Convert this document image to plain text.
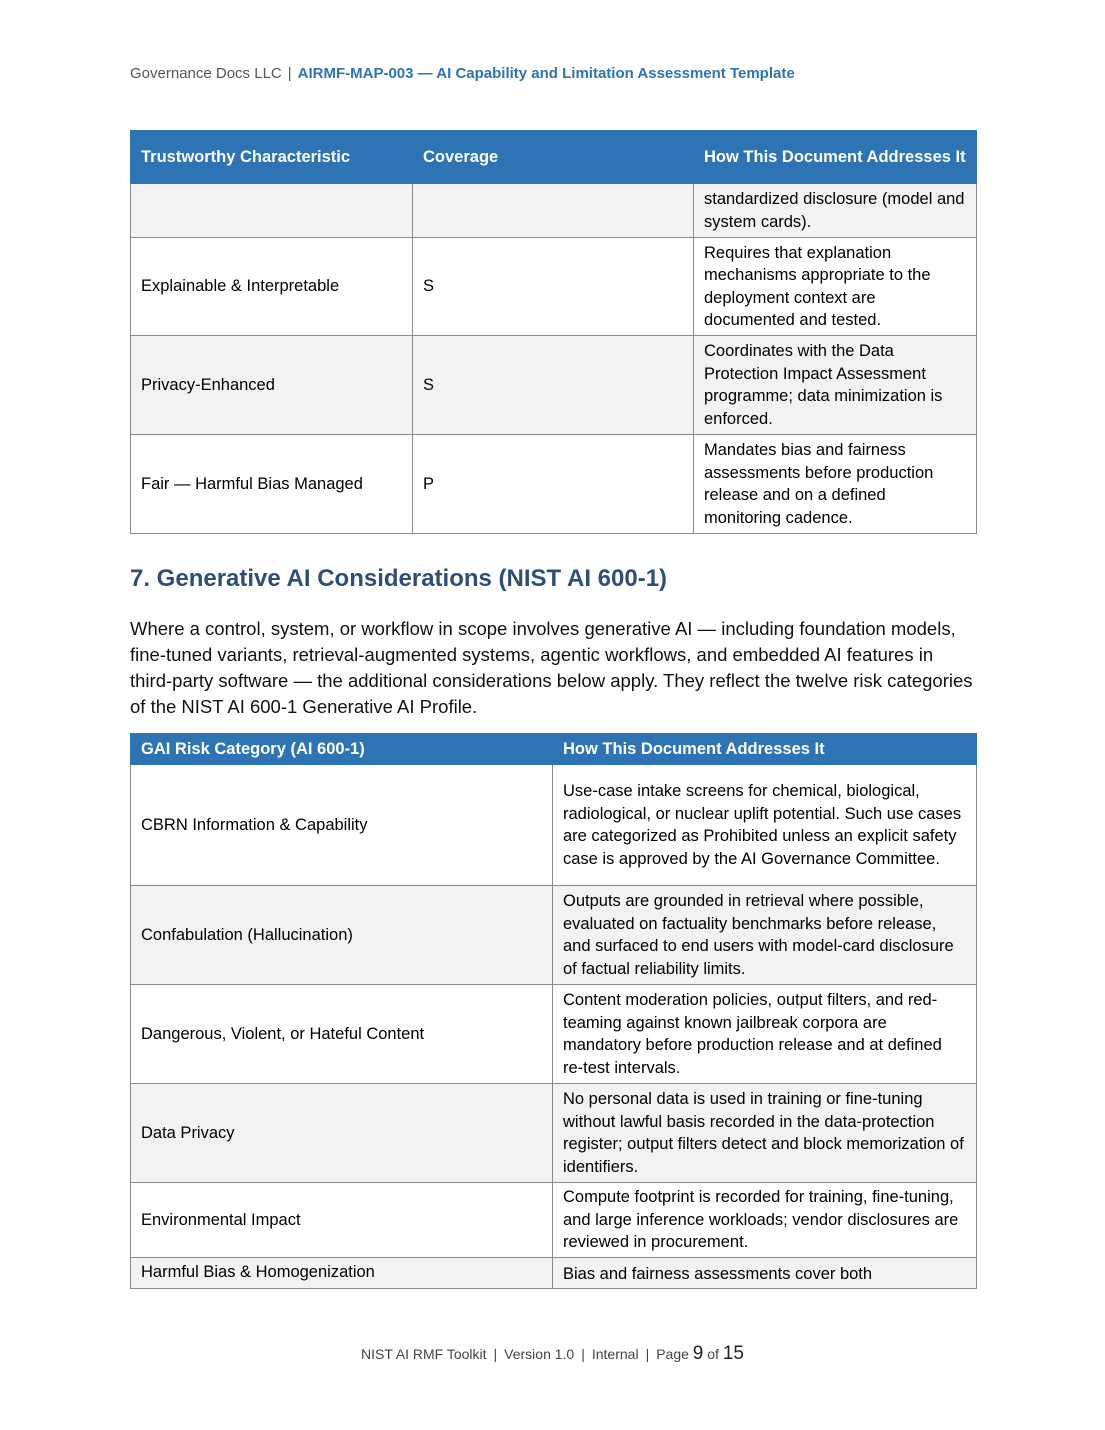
Governance Docs LLC | AIRMF-MAP-003 — AI Capability and Limitation Assessment Template
Trustworthy Characteristic	Coverage	How This Document Addresses It
		standardized disclosure (model and system cards).
Explainable & Interpretable	S	Requires that explanation mechanisms appropriate to the deployment context are documented and tested.
Privacy-Enhanced	S	Coordinates with the Data Protection Impact Assessment programme; data minimization is enforced.
Fair — Harmful Bias Managed	P	Mandates bias and fairness assessments before production release and on a defined monitoring cadence.
7. Generative AI Considerations (NIST AI 600-1)

Where a control, system, or workflow in scope involves generative AI — including foundation models, fine-tuned variants, retrieval-augmented systems, agentic workflows, and embedded AI features in third-party software — the additional considerations below apply. They reflect the twelve risk categories of the NIST AI 600-1 Generative AI Profile.

GAI Risk Category (AI 600-1)	How This Document Addresses It
CBRN Information & Capability	Use-case intake screens for chemical, biological, radiological, or nuclear uplift potential. Such use cases are categorized as Prohibited unless an explicit safety case is approved by the AI Governance Committee.
Confabulation (Hallucination)	Outputs are grounded in retrieval where possible, evaluated on factuality benchmarks before release, and surfaced to end users with model-card disclosure of factual reliability limits.
Dangerous, Violent, or Hateful Content	Content moderation policies, output filters, and red-teaming against known jailbreak corpora are mandatory before production release and at defined re-test intervals.
Data Privacy	No personal data is used in training or fine-tuning without lawful basis recorded in the data-protection register; output filters detect and block memorization of identifiers.
Environmental Impact	Compute footprint is recorded for training, fine-tuning, and large inference workloads; vendor disclosures are reviewed in procurement.
Harmful Bias & Homogenization	Bias and fairness assessments cover both
NIST AI RMF Toolkit | Version 1.0 | Internal | Page 9 of 15
